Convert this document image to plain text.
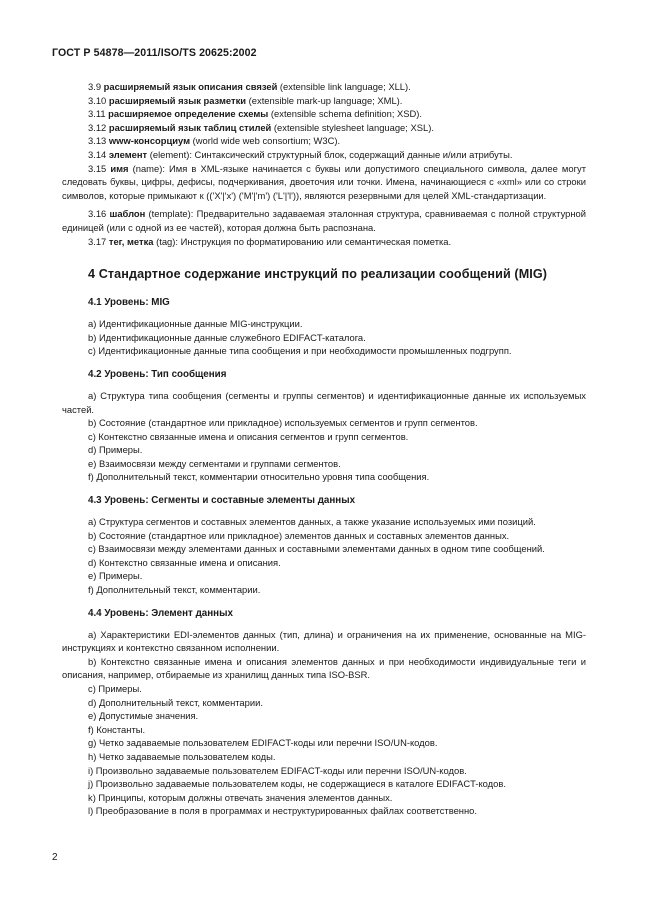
ГОСТ Р 54878—2011/ISO/TS 20625:2002

3.9 расширяемый язык описания связей (extensible link language; XLL).

3.10 расширяемый язык разметки (extensible mark-up language; XML).

3.11 расширяемое определение схемы (extensible schema definition; XSD).

3.12 расширяемый язык таблиц стилей (extensible stylesheet language; XSL).

3.13 www-консорциум (world wide web consortium; W3C).

3.14 элемент (element): Синтаксический структурный блок, содержащий данные и/или атрибуты.

3.15 имя (name): Имя в XML-языке начинается с буквы или допустимого специального символа, далее могут следовать буквы, цифры, дефисы, подчеркивания, двоеточия или точки. Имена, начинающиеся с «xml» или со строки символов, которые примыкают к (('X'|'x') ('M'|'m') ('L'|'l')), являются резервными для целей XML-стандартизации.

3.16 шаблон (template): Предварительно задаваемая эталонная структура, сравниваемая с полной структурной единицей (или с одной из ее частей), которая должна быть распознана.

3.17 тег, метка (tag): Инструкция по форматированию или семантическая пометка.

4 Стандартное содержание инструкций по реализации сообщений (MIG)
4.1 Уровень: MIG

a) Идентификационные данные MIG-инструкции.

b) Идентификационные данные служебного EDIFACT-каталога.

c) Идентификационные данные типа сообщения и при необходимости промышленных подгрупп.

4.2 Уровень: Тип сообщения

a) Структура типа сообщения (сегменты и группы сегментов) и идентификационные данные их используемых частей.

b) Состояние (стандартное или прикладное) используемых сегментов и групп сегментов.

c) Контекстно связанные имена и описания сегментов и групп сегментов.

d) Примеры.

e) Взаимосвязи между сегментами и группами сегментов.

f) Дополнительный текст, комментарии относительно уровня типа сообщения.

4.3 Уровень: Сегменты и составные элементы данных

a) Структура сегментов и составных элементов данных, а также указание используемых ими позиций.

b) Состояние (стандартное или прикладное) элементов данных и составных элементов данных.

c) Взаимосвязи между элементами данных и составными элементами данных в одном типе сообщений.

d) Контекстно связанные имена и описания.

e) Примеры.

f) Дополнительный текст, комментарии.

4.4 Уровень: Элемент данных

a) Характеристики EDI-элементов данных (тип, длина) и ограничения на их применение, основанные на MIG-инструкциях и контекстно связанном исполнении.

b) Контекстно связанные имена и описания элементов данных и при необходимости индивидуальные теги и описания, например, отбираемые из хранилищ данных типа ISO-BSR.

c) Примеры.

d) Дополнительный текст, комментарии.

e) Допустимые значения.

f) Константы.

g) Четко задаваемые пользователем EDIFACT-коды или перечни ISO/UN-кодов.

h) Четко задаваемые пользователем коды.

i) Произвольно задаваемые пользователем EDIFACT-коды или перечни ISO/UN-кодов.

j) Произвольно задаваемые пользователем коды, не содержащиеся в каталоге EDIFACT-кодов.

k) Принципы, которым должны отвечать значения элементов данных.

l) Преобразование в поля в программах и неструктурированных файлах соответственно.

2
